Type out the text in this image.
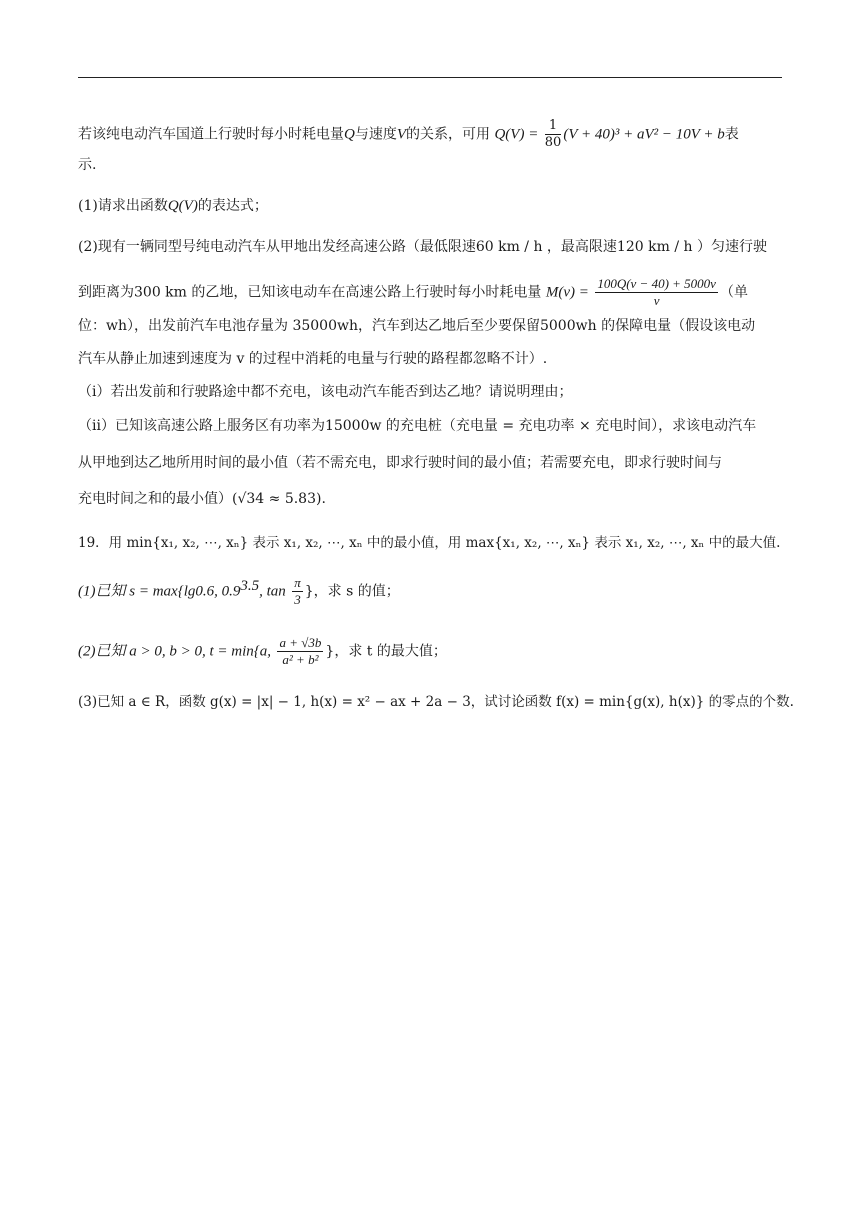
若该纯电动汽车国道上行驶时每小时耗电量Q与速度V的关系，可用 $Q(V) = \frac{1}{80} (V + 40)^3 + aV^2 - 10V + b$表
示.
(1)请求出函数Q(V)的表达式；
(2)现有一辆同型号纯电动汽车从甲地出发经高速公路（最低限速60 km / h ，最高限速120 km / h ）匀速行驶
到距离为300 km 的乙地，已知该电动车在高速公路上行驶时每小时耗电量 $M(v) = \frac{100Q(v - 40) + 5000v}{v}$ （单
位：wh），出发前汽车电池存量为 35000wh，汽车到达乙地后至少要保留5000wh 的保障电量（假设该电动
汽车从静止加速到速度为 v 的过程中消耗的电量与行驶的路程都忽略不计）.
（i）若出发前和行驶路途中都不充电，该电动汽车能否到达乙地？请说明理由；
（ii）已知该高速公路上服务区有功率为15000w 的充电桩（充电量 = 充电功率 × 充电时间），求该电动汽车
从甲地到达乙地所用时间的最小值（若不需充电，即求行驶时间的最小值；若需要充电，即求行驶时间与
充电时间之和的最小值）(√34 ≈ 5.83).
19．用 min{x₁, x₂, ⋯, xₙ} 表示 x₁, x₂, ⋯, xₙ 中的最小值，用 max{x₁, x₂, ⋯, xₙ} 表示 x₁, x₂, ⋯, xₙ 中的最大值.
(1)已知 s = max{lg0.6, $0.9^{3.5}$, $\tan \frac{\pi}{3}$ }，求 s 的值；
(2)已知 a > 0, b > 0, t = min{a, $\frac{a + √3b}{\text{a² + b²}}$ }，求 t 的最大值；
(3)已知 a ∈ R，函数 g(x) = |x| − 1, h(x) = x² − ax + 2a − 3，试讨论函数 f(x) = min{g(x), h(x)} 的零点的个数.
